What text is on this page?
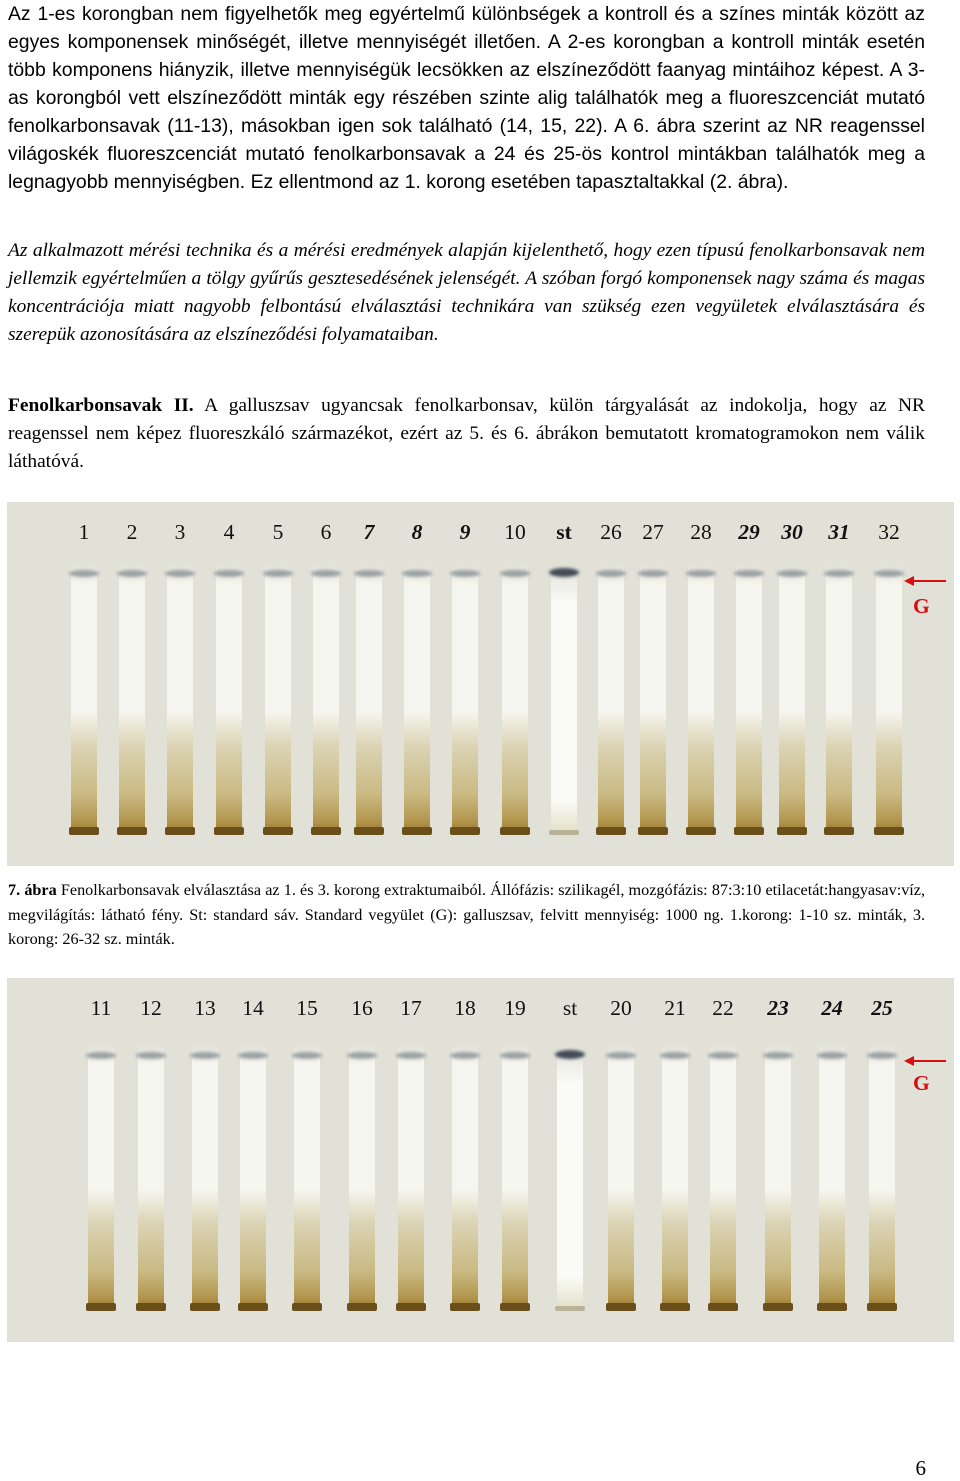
Az 1-es korongban nem figyelhetők meg egyértelmű különbségek a kontroll és a színes minták között az egyes komponensek minőségét, illetve mennyiségét illetően. A 2-es korongban a kontroll minták esetén több komponens hiányzik, illetve mennyiségük lecsökken az elszíneződött faanyag mintáihoz képest. A 3-as korongból vett elszíneződött minták egy részében szinte alig találhatók meg a fluoreszcenciát mutató fenolkarbonsavak (11-13), másokban igen sok található (14, 15, 22). A 6. ábra szerint az NR reagenssel világoskék fluoreszcenciát mutató fenolkarbonsavak a 24 és 25-ös kontrol mintákban találhatók meg a legnagyobb mennyiségben. Ez ellentmond az 1. korong esetében tapasztaltakkal (2. ábra).

Az alkalmazott mérési technika és a mérési eredmények alapján kijelenthető, hogy ezen típusú fenolkarbonsavak nem jellemzik egyértelműen a tölgy gyűrűs gesztesedésének jelenségét. A szóban forgó komponensek nagy száma és magas koncentrációja miatt nagyobb felbontású elválasztási technikára van szükség ezen vegyületek elválasztására és szerepük azonosítására az elszíneződési folyamataiban.

Fenolkarbonsavak II. A galluszsav ugyancsak fenolkarbonsav, külön tárgyalását az indokolja, hogy az NR reagenssel nem képez fluoreszkáló származékot, ezért az 5. és 6. ábrákon bemutatott kromatogramokon nem válik láthatóvá.

1	2	3	4	5	6	7	8	9	10	st	26 27	28	29	30	31	32
G

7. ábra Fenolkarbonsavak elválasztása az 1. és 3. korong extraktumaiból. Állófázis: szilikagél, mozgófázis: 87:3:10 etilacetát:hangyasav:víz, megvilágítás: látható fény. St: standard sáv. Standard vegyület (G): galluszsav, felvitt mennyiség: 1000 ng. 1.korong: 1-10 sz. minták, 3. korong: 26-32 sz. minták.

11	12	13	14	15	16	17	18	19	st	20	21	22	23	24	25
G
6
